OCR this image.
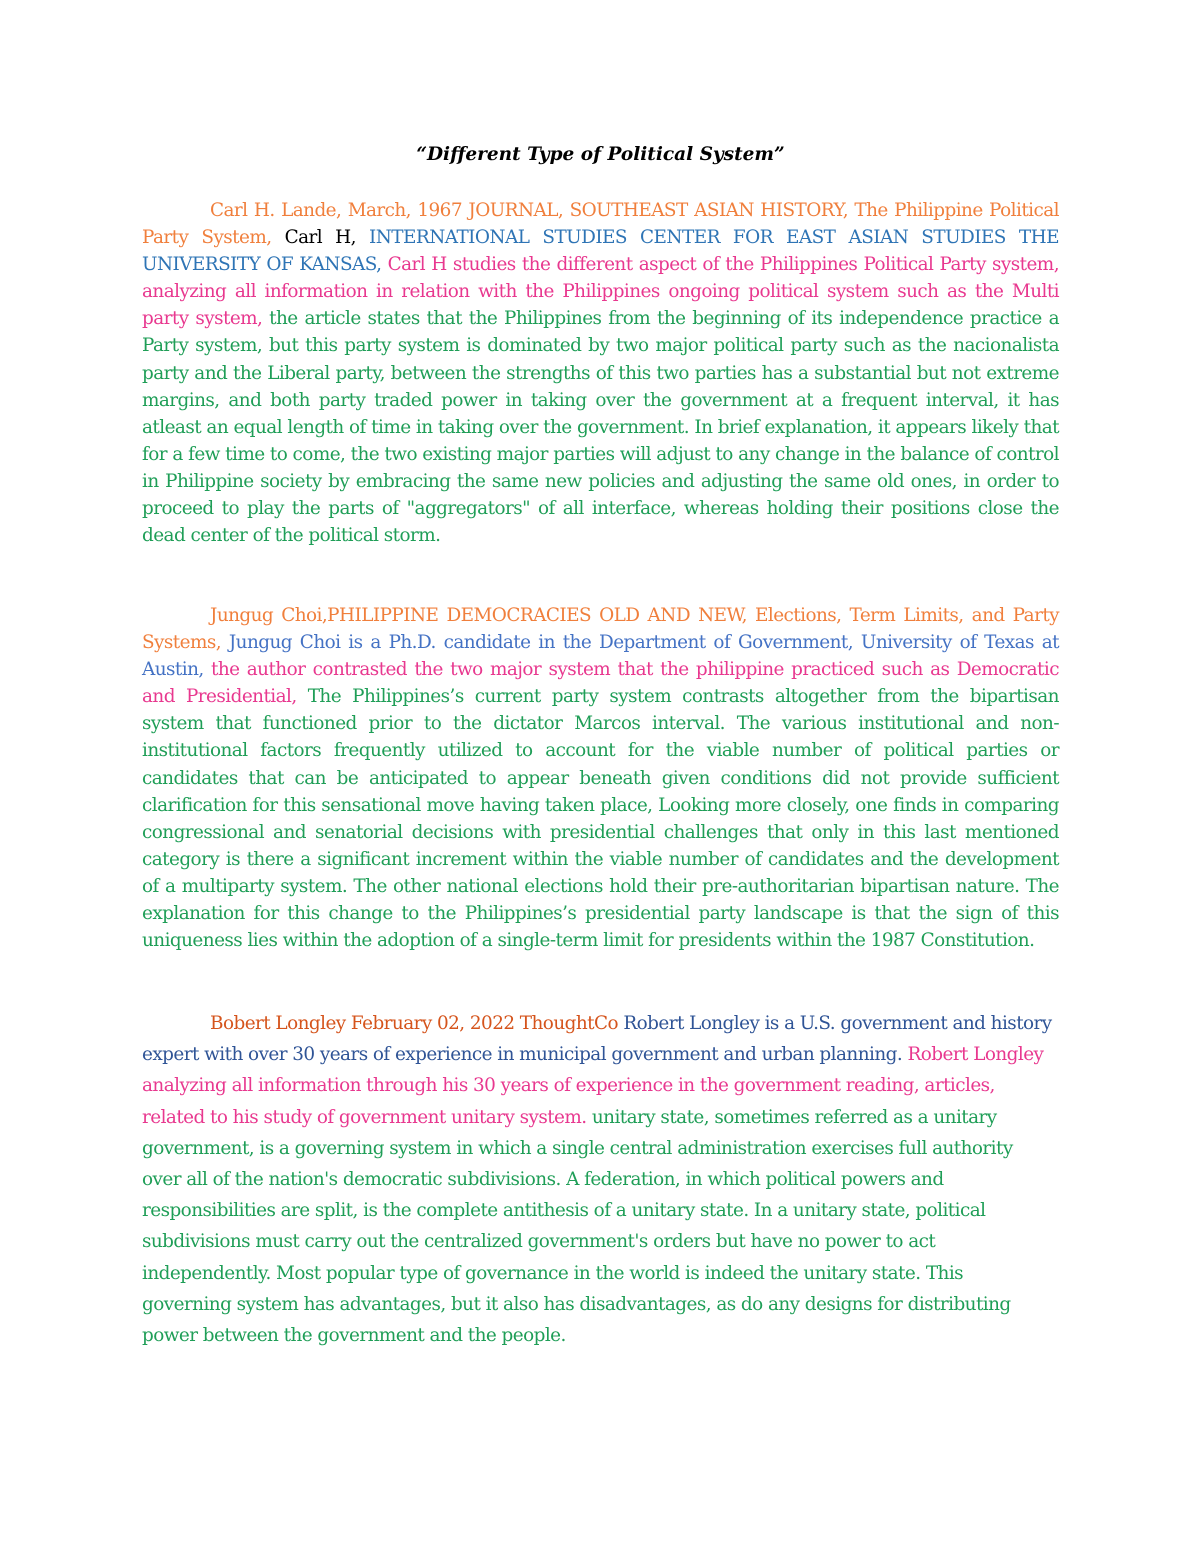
“Different Type of Political System”

Carl H. Lande, March, 1967 JOURNAL, SOUTHEAST ASIAN HISTORY, The Philippine Political Party System, Carl H, INTERNATIONAL STUDIES CENTER FOR EAST ASIAN STUDIES THE UNIVERSITY OF KANSAS, Carl H studies the different aspect of the Philippines Political Party system, analyzing all information in relation with the Philippines ongoing political system such as the Multi party system, the article states that the Philippines from the beginning of its independence practice a Party system, but this party system is dominated by two major political party such as the nacionalista party and the Liberal party, between the strengths of this two parties has a substantial but not extreme margins, and both party traded power in taking over the government at a frequent interval, it has atleast an equal length of time in taking over the government. In brief explanation, it appears likely that for a few time to come, the two existing major parties will adjust to any change in the balance of control in Philippine society by embracing the same new policies and adjusting the same old ones, in order to proceed to play the parts of "aggregators" of all interface, whereas holding their positions close the dead center of the political storm.

Jungug Choi,PHILIPPINE DEMOCRACIES OLD AND NEW, Elections, Term Limits, and Party Systems, Jungug Choi is a Ph.D. candidate in the Department of Government, University of Texas at Austin, the author contrasted the two major system that the philippine practiced such as Democratic and Presidential, The Philippines’s current party system contrasts altogether from the bipartisan system that functioned prior to the dictator Marcos interval. The various institutional and non-institutional factors frequently utilized to account for the viable number of political parties or candidates that can be anticipated to appear beneath given conditions did not provide sufficient clarification for this sensational move having taken place, Looking more closely, one finds in comparing congressional and senatorial decisions with presidential challenges that only in this last mentioned category is there a significant increment within the viable number of candidates and the development of a multiparty system. The other national elections hold their pre-authoritarian bipartisan nature. The explanation for this change to the Philippines’s presidential party landscape is that the sign of this uniqueness lies within the adoption of a single-term limit for presidents within the 1987 Constitution.

Bobert Longley February 02, 2022 ThoughtCo Robert Longley is a U.S. government and history expert with over 30 years of experience in municipal government and urban planning. Robert Longley analyzing all information through his 30 years of experience in the government reading, articles, related to his study of government unitary system. unitary state, sometimes referred as a unitary government, is a governing system in which a single central administration exercises full authority over all of the nation's democratic subdivisions. A federation, in which political powers and responsibilities are split, is the complete antithesis of a unitary state. In a unitary state, political subdivisions must carry out the centralized government's orders but have no power to act independently. Most popular type of governance in the world is indeed the unitary state. This governing system has advantages, but it also has disadvantages, as do any designs for distributing power between the government and the people.
